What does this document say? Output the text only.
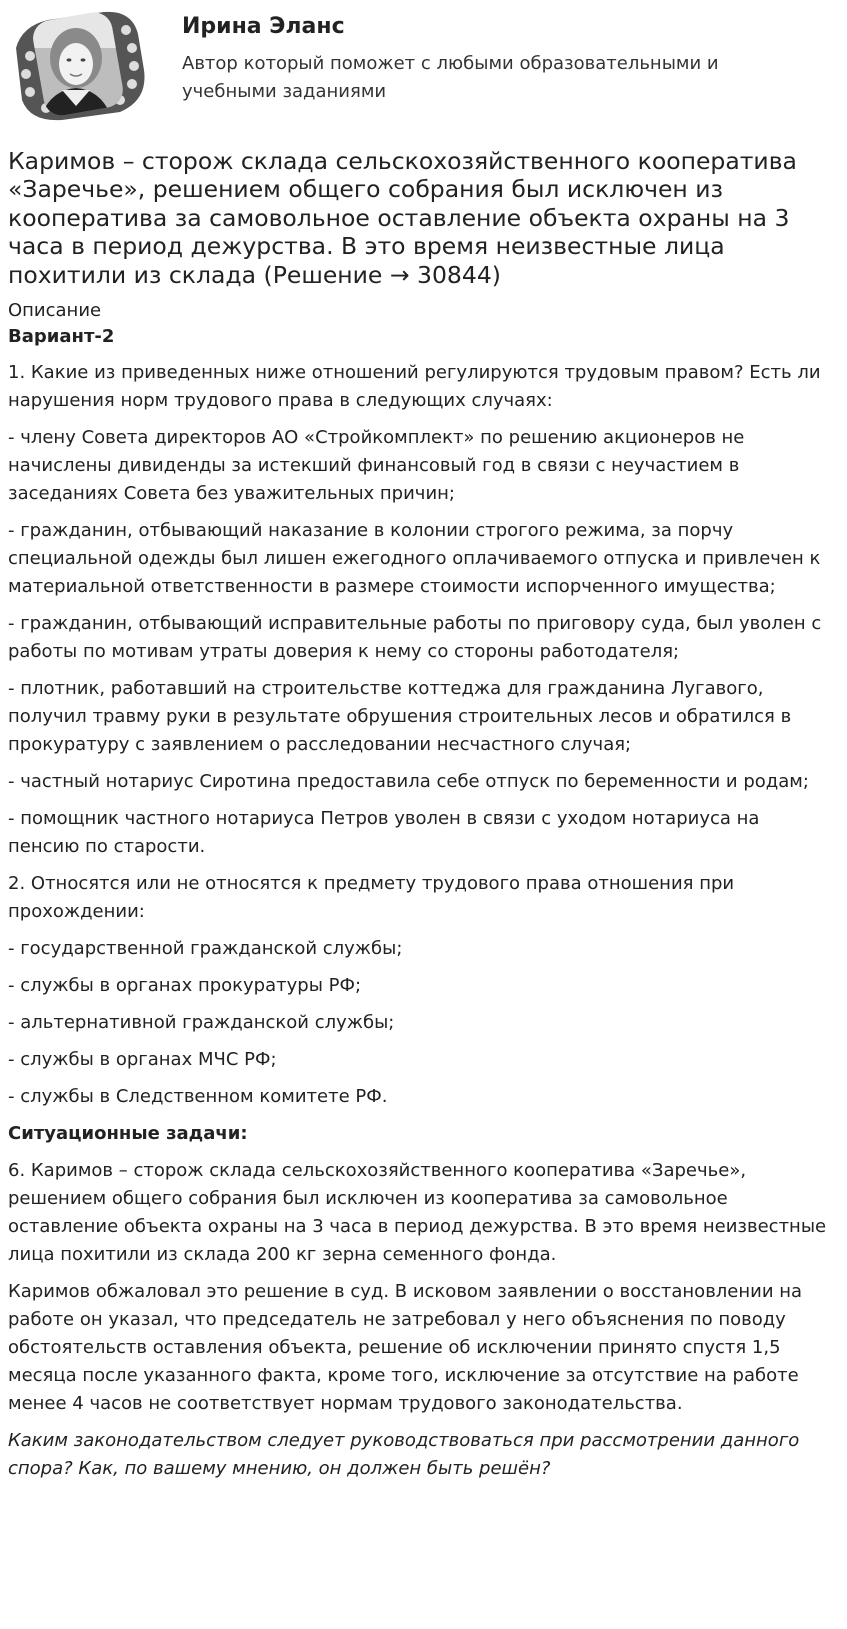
Ирина Эланс

Автор который поможет с любыми образовательными и учебными заданиями

Каримов – сторож склада сельскохозяйственного кооператива «Заречье», решением общего собрания был исключен из кооператива за самовольное оставление объекта охраны на 3 часа в период дежурства. В это время неизвестные лица похитили из склада (Решение → 30844)

Описание

Вариант-2

1. Какие из приведенных ниже отношений регулируются трудовым правом? Есть ли нарушения норм трудового права в следующих случаях:

- члену Совета директоров АО «Стройкомплект» по решению акционеров не начислены дивиденды за истекший финансовый год в связи с неучастием в заседаниях Совета без уважительных причин;

- гражданин, отбывающий наказание в колонии строгого режима, за порчу специальной одежды был лишен ежегодного оплачиваемого отпуска и привлечен к материальной ответственности в размере стоимости испорченного имущества;

- гражданин, отбывающий исправительные работы по приговору суда, был уволен с работы по мотивам утраты доверия к нему со стороны работодателя;

- плотник, работавший на строительстве коттеджа для гражданина Лугавого, получил травму руки в результате обрушения строительных лесов и обратился в прокуратуру с заявлением о расследовании несчастного случая;

- частный нотариус Сиротина предоставила себе отпуск по беременности и родам;

- помощник частного нотариуса Петров уволен в связи с уходом нотариуса на пенсию по старости.

2. Относятся или не относятся к предмету трудового права отношения при прохождении:

- государственной гражданской службы;

- службы в органах прокуратуры РФ;

- альтернативной гражданской службы;

- службы в органах МЧС РФ;

- службы в Следственном комитете РФ.

Ситуационные задачи:

6. Каримов – сторож склада сельскохозяйственного кооператива «Заречье», решением общего собрания был исключен из кооператива за самовольное оставление объекта охраны на 3 часа в период дежурства. В это время неизвестные лица похитили из склада 200 кг зерна семенного фонда.

Каримов обжаловал это решение в суд. В исковом заявлении о восстановлении на работе он указал, что председатель не затребовал у него объяснения по поводу обстоятельств оставления объекта, решение об исключении принято спустя 1,5 месяца после указанного факта, кроме того, исключение за отсутствие на работе менее 4 часов не соответствует нормам трудового законодательства.

Каким законодательством следует руководствоваться при рассмотрении данного спора? Как, по вашему мнению, он должен быть решён?
